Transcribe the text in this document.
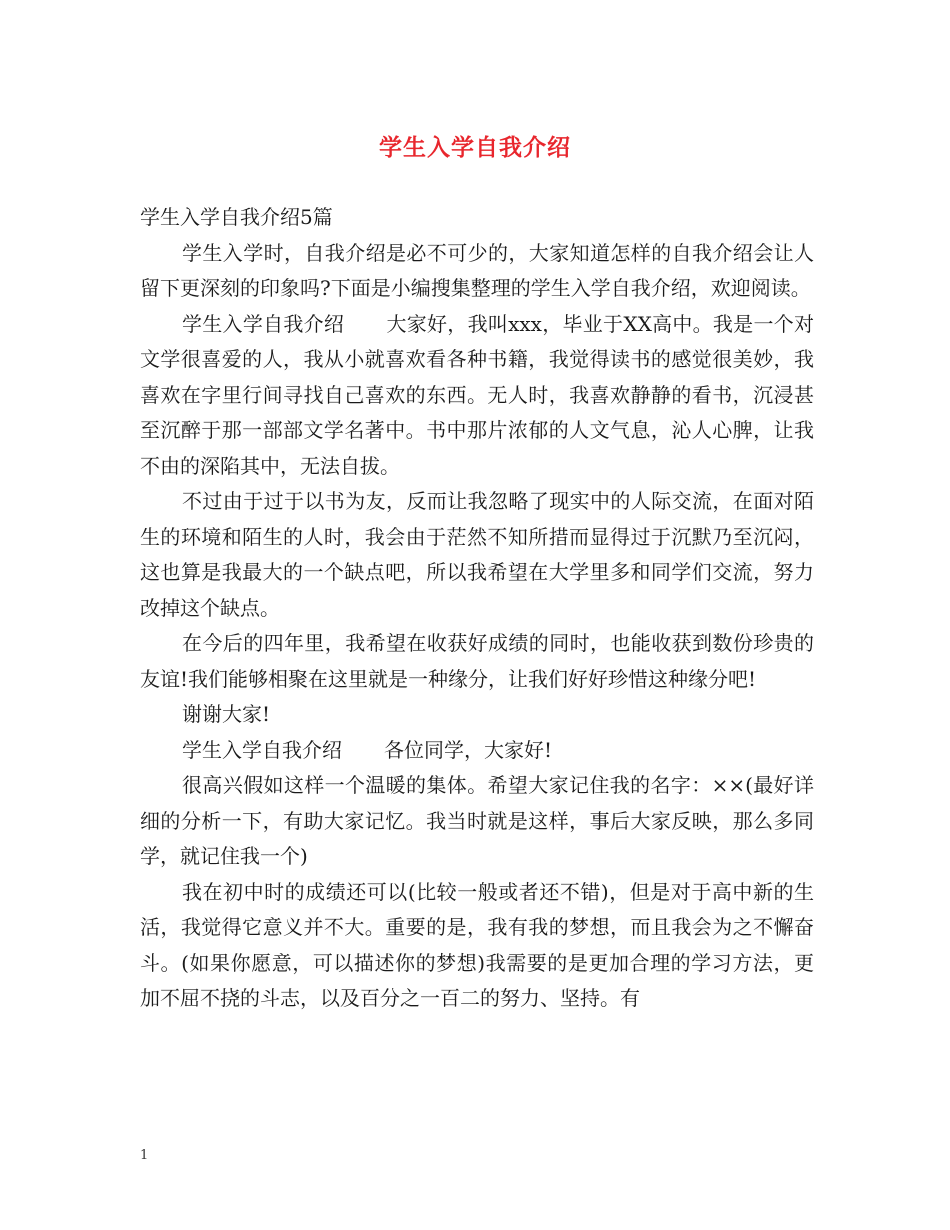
学生入学自我介绍

学生入学自我介绍5篇

学生入学时，自我介绍是必不可少的，大家知道怎样的自我介绍会让人留下更深刻的印象吗?下面是小编搜集整理的学生入学自我介绍，欢迎阅读。

学生入学自我介绍 大家好，我叫xxx，毕业于XX高中。我是一个对文学很喜爱的人，我从小就喜欢看各种书籍，我觉得读书的感觉很美妙，我喜欢在字里行间寻找自己喜欢的东西。无人时，我喜欢静静的看书，沉浸甚至沉醉于那一部部文学名著中。书中那片浓郁的人文气息，沁人心脾，让我不由的深陷其中，无法自拔。

不过由于过于以书为友，反而让我忽略了现实中的人际交流，在面对陌生的环境和陌生的人时，我会由于茫然不知所措而显得过于沉默乃至沉闷，这也算是我最大的一个缺点吧，所以我希望在大学里多和同学们交流，努力改掉这个缺点。

在今后的四年里，我希望在收获好成绩的同时，也能收获到数份珍贵的友谊!我们能够相聚在这里就是一种缘分，让我们好好珍惜这种缘分吧!

谢谢大家!

学生入学自我介绍 各位同学，大家好!

很高兴假如这样一个温暖的集体。希望大家记住我的名字：××(最好详细的分析一下，有助大家记忆。我当时就是这样，事后大家反映，那么多同学，就记住我一个)

我在初中时的成绩还可以(比较一般或者还不错)，但是对于高中新的生活，我觉得它意义并不大。重要的是，我有我的梦想，而且我会为之不懈奋斗。(如果你愿意，可以描述你的梦想)我需要的是更加合理的学习方法，更加不屈不挠的斗志，以及百分之一百二的努力、坚持。有

1
